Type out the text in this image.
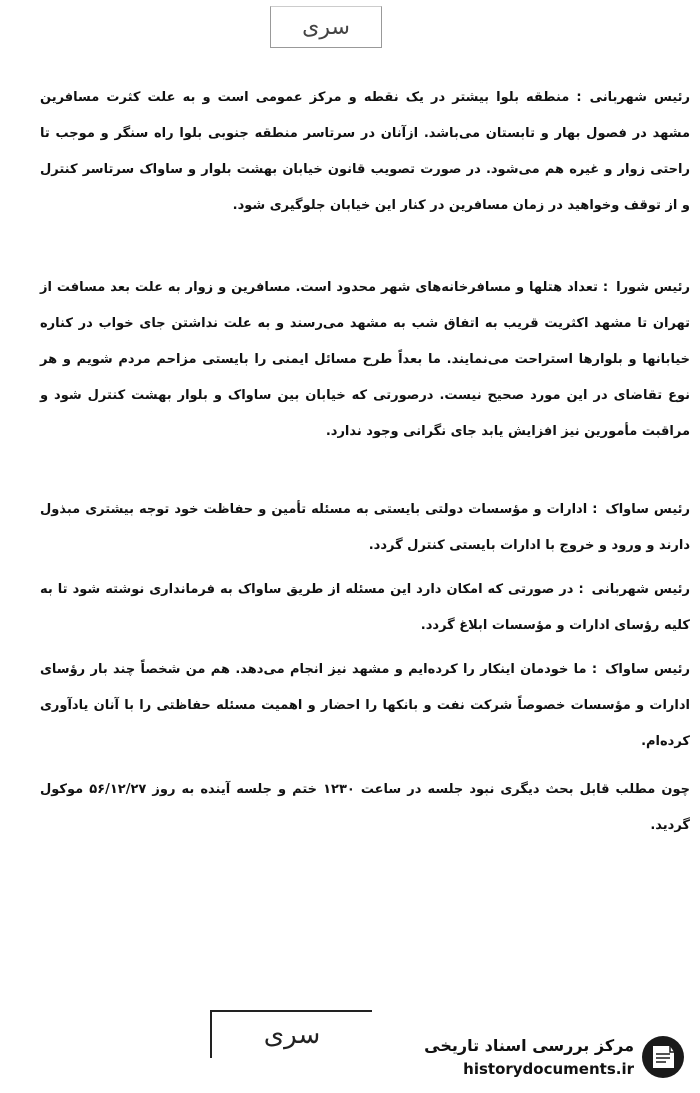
سری
رئیس شهربانی: منطقه بلوا بیشتر در یک نقطه و مرکز عمومی است و به علت کثرت مسافرین مشهد در فصول بهار و تابستان می‌باشد. ازآنان در سرتاسر منطقه جنوبی بلوا راه سنگر و موجب تا راحتی زوار و غیره هم می‌شود. در صورت تصویب قانون خیابان بهشت بلوار و ساواک سرتاسر کنترل و از توقف وخواهید در زمان مسافرین در کنار این خیابان جلوگیری شود.
رئیس شورا: تعداد هتلها و مسافرخانه‌های شهر محدود است. مسافرین و زوار به علت بعد مسافت از تهران تا مشهد اکثریت قریب به اتفاق شب به مشهد می‌رسند و به علت نداشتن جای خواب در کناره خیابانها و بلوارها استراحت می‌نمایند. ما بعداً طرح مسائل ایمنی را بایستی مزاحم مردم شویم و هر نوع تقاضای در این مورد صحیح نیست. درصورتی که خیابان بین ساواک و بلوار بهشت کنترل شود و مراقبت مأمورین نیز افزایش یابد جای نگرانی وجود ندارد.
رئیس ساواک: ادارات و مؤسسات دولتی بایستی به مسئله تأمین و حفاظت خود توجه بیشتری مبذول دارند و ورود و خروج با ادارات بایستی کنترل گردد.
رئیس شهربانی: در صورتی که امکان دارد این مسئله از طریق ساواک به فرمانداری نوشته شود تا به کلیه رؤسای ادارات و مؤسسات ابلاغ گردد.
رئیس ساواک: ما خودمان اینکار را کرده‌ایم و مشهد نیز انجام می‌دهد. هم من شخصاً چند بار رؤسای ادارات و مؤسسات خصوصاً شرکت نفت و بانکها را احضار و اهمیت مسئله حفاظتی را با آنان یادآوری کرده‌ام.
چون مطلب قابل بحث دیگری نبود جلسه در ساعت ۱۲۳۰ ختم و جلسه آینده به روز ۵۶/۱۲/۲۷ موکول گردید.
سری	مرکز بررسی اسناد تاریخی
historydocuments.ir
